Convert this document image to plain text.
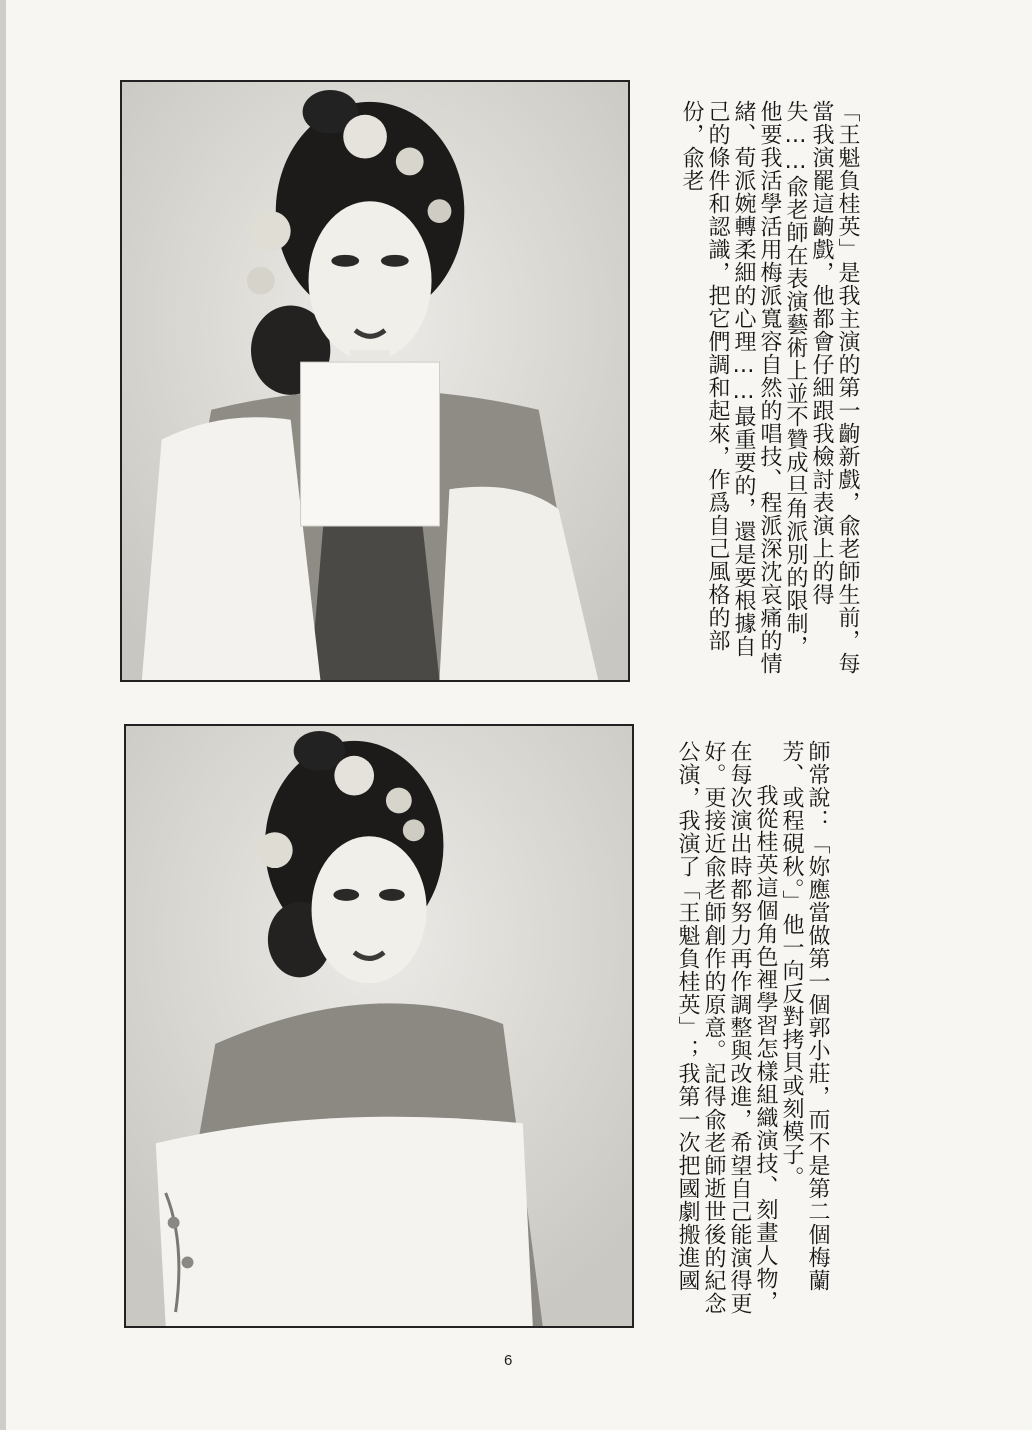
「王魁負桂英」是我主演的第一齣新戲，兪老師生前，每當我演罷這齣戲，他都會仔細跟我檢討表演上的得失……兪老師在表演藝術上並不贊成旦角派別的限制，他要我活學活用梅派寬容自然的唱技、程派深沈哀痛的情緒、荀派婉轉柔細的心理……最重要的，還是要根據自己的條件和認識，把它們調和起來，作爲自己風格的部份，兪老

師常說：「妳應當做第一個郭小莊，而不是第二個梅蘭芳、或程硯秋。」他一向反對拷貝或刻模子。

我從桂英這個角色裡學習怎樣組織演技、刻畫人物，在每次演出時都努力再作調整與改進，希望自己能演得更好。更接近兪老師創作的原意。記得兪老師逝世後的紀念公演，我演了「王魁負桂英」；我第一次把國劇搬進國

6
